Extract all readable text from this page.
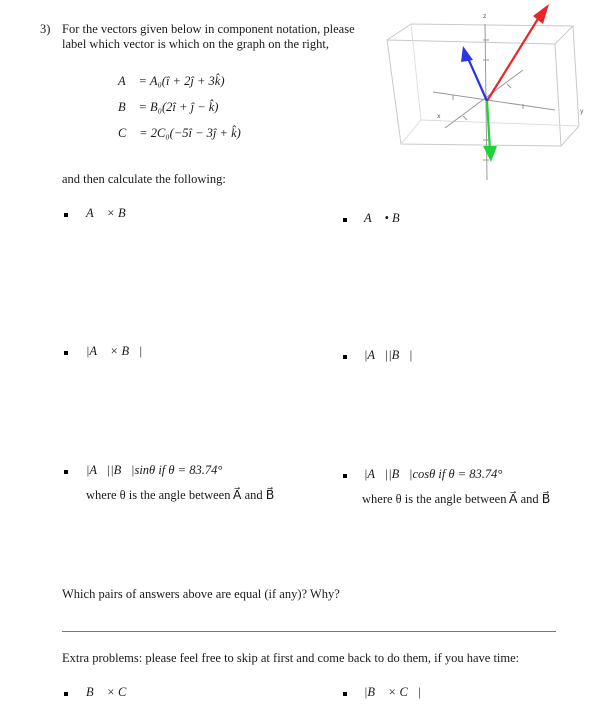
3) For the vectors given below in component notation, please
label which vector is which on the graph on the right,
A⃗ = A₀(î + 2ĵ + 3k̂)
B⃗ = B₀(2î + ĵ − k̂)
C⃗ = 2C₀(−5î − 3ĵ + k̂)
and then calculate the following:
z
y
x
A⃗ × B⃗	A⃗ • B⃗
|A⃗ × B⃗|	|A⃗||B⃗|
|A⃗||B⃗|sinθ if θ = 83.74°
where θ is the angle between A⃗ and B⃗
|A⃗||B⃗|cosθ if θ = 83.74°
where θ is the angle between A⃗ and B⃗
Which pairs of answers above are equal (if any)? Why?
Extra problems: please feel free to skip at first and come back to do them, if you have time:
B⃗ × C⃗	|B⃗ × C⃗|
